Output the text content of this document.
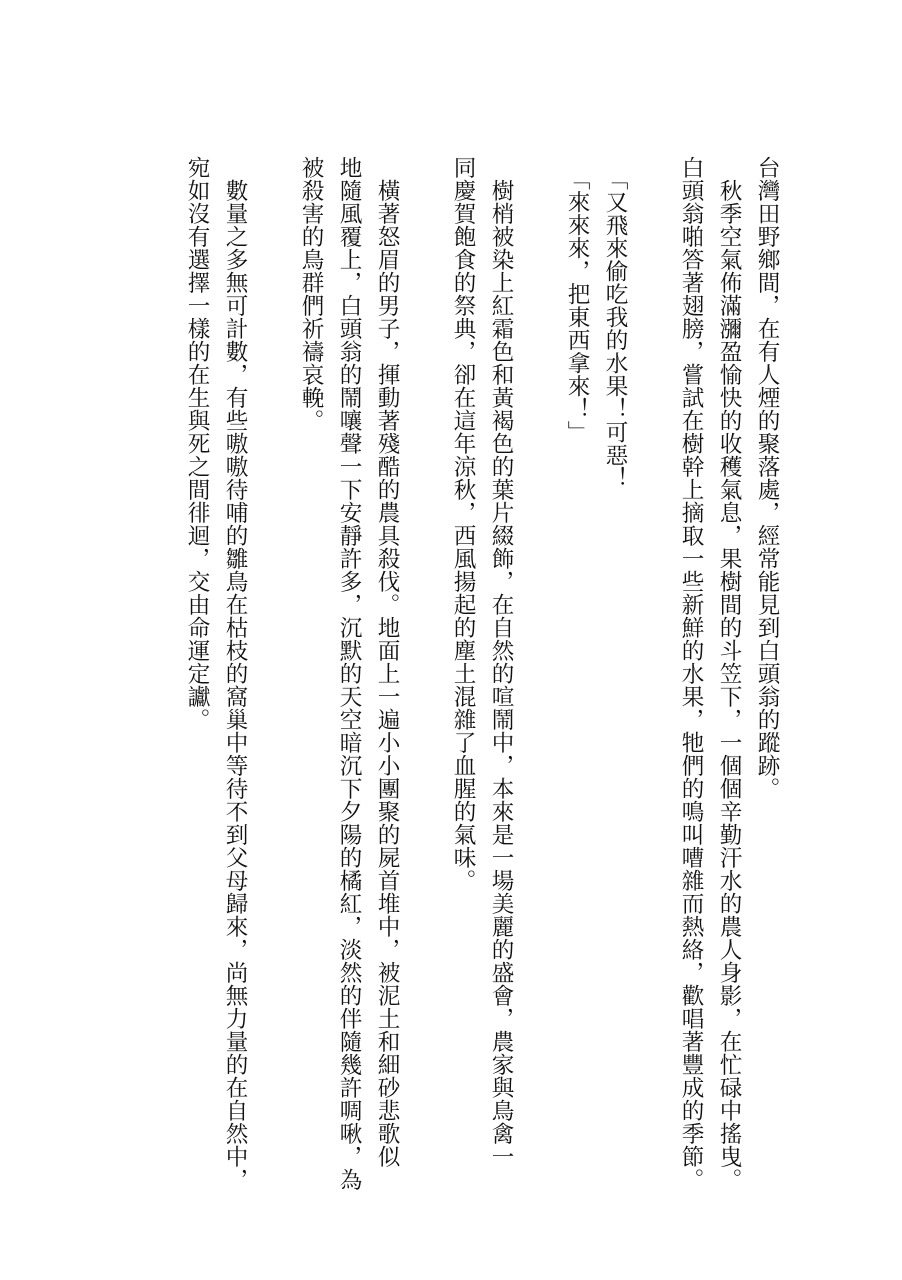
台灣田野鄉間，在有人煙的聚落處，經常能見到白頭翁的蹤跡。
　秋季空氣佈滿瀰盈愉快的收穫氣息，果樹間的斗笠下，一個個辛勤汗水的農人身影，在忙碌中搖曳。
白頭翁啪答著翅膀，嘗試在樹幹上摘取一些新鮮的水果，牠們的鳴叫嘈雜而熱絡，歡唱著豐成的季節。
　「又飛來偷吃我的水果！可惡！
　「來來來，把東西拿來！」
　樹梢被染上紅霜色和黃褐色的葉片綴飾，在自然的喧鬧中，本來是一場美麗的盛會，農家與鳥禽一
同慶賀飽食的祭典，卻在這年涼秋，西風揚起的塵土混雜了血腥的氣味。
　橫著怒眉的男子，揮動著殘酷的農具殺伐。地面上一遍小小團聚的屍首堆中，被泥土和細砂悲歌似
地隨風覆上，白頭翁的鬧嚷聲一下安靜許多，沉默的天空暗沉下夕陽的橘紅，淡然的伴隨幾許啁啾，為
被殺害的鳥群們祈禱哀輓。
　數量之多無可計數，有些嗷嗷待哺的雛鳥在枯枝的窩巢中等待不到父母歸來，尚無力量的在自然中，
宛如沒有選擇一樣的在生與死之間徘迴，交由命運定讞。
